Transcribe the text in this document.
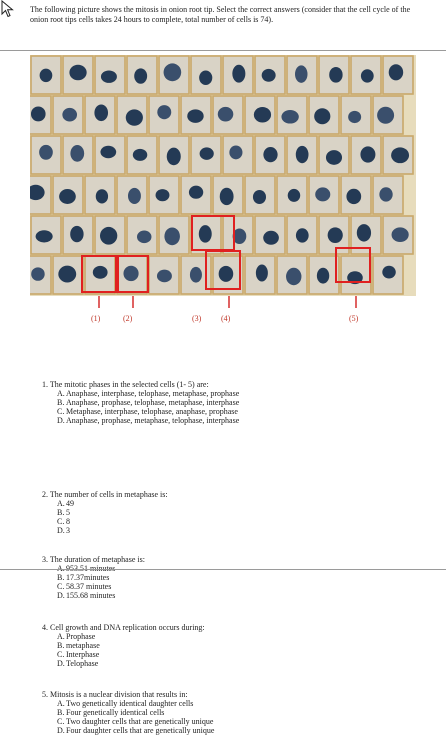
The following picture shows the mitosis in onion root tip. Select the correct answers (consider that the cell cycle of the onion root tips cells takes 24 hours to complete, total number of cells is 74).
(1)	(2)	(3) (4)	(5)
1. The mitotic phases in the selected cells (1- 5) are:
A.Anaphase, interphase, telophase, metaphase, prophase
B. Anaphase, prophase, telophase, metaphase, interphase
C. Metaphase, interphase, telophase, anaphase, prophase
D.Anaphase, prophase, metaphase, telophase, interphase
2. The number of cells in metaphase is:
A.49
B. 5
C. 8
D.3
3. The duration of metaphase is:
B. 17.37minutes
C. 58.37 minutes
D.155.68 minutes
4. Cell growth and DNA replication occurs during:
A.Prophase
B. metaphase
C. Interphase
D.Telophase
5. Mitosis is a nuclear division that results in:
A.Two genetically identical daughter cells
B. Four genetically identical cells
C. Two daughter cells that are genetically unique
D.Four daughter cells that are genetically unique
